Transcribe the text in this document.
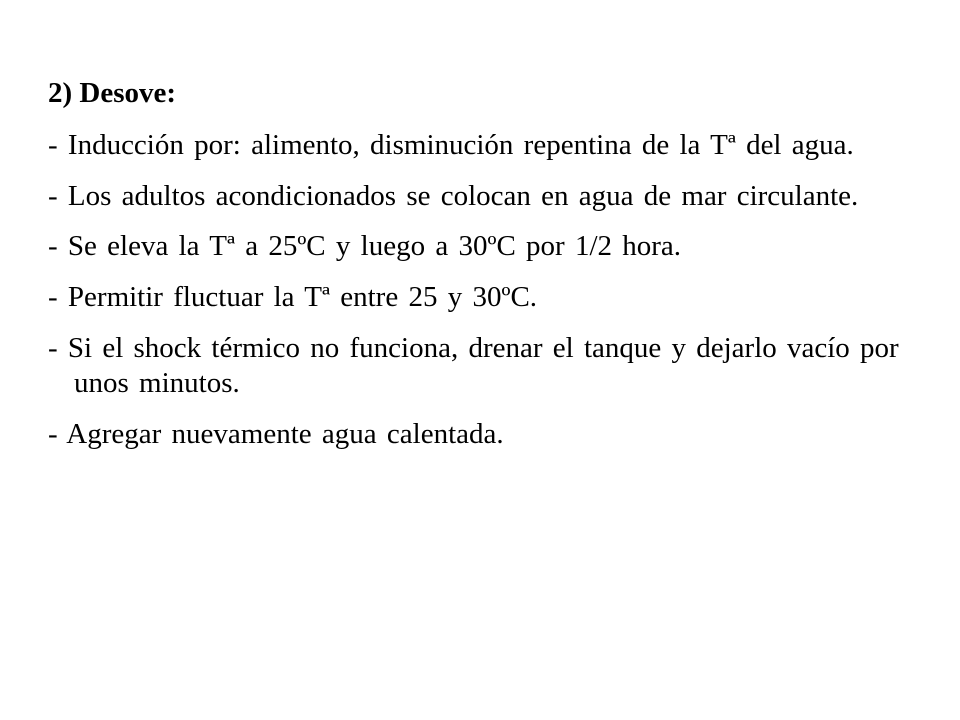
2) Desove:
- Inducción por: alimento, disminución repentina de la Tª del agua.
- Los adultos acondicionados se colocan en agua de mar circulante.
- Se eleva la Tª a 25ºC y luego a 30ºC por 1/2 hora.
- Permitir fluctuar la Tª entre 25 y 30ºC.
- Si el shock térmico no funciona, drenar el tanque y dejarlo vacío por unos minutos.
- Agregar nuevamente agua calentada.
